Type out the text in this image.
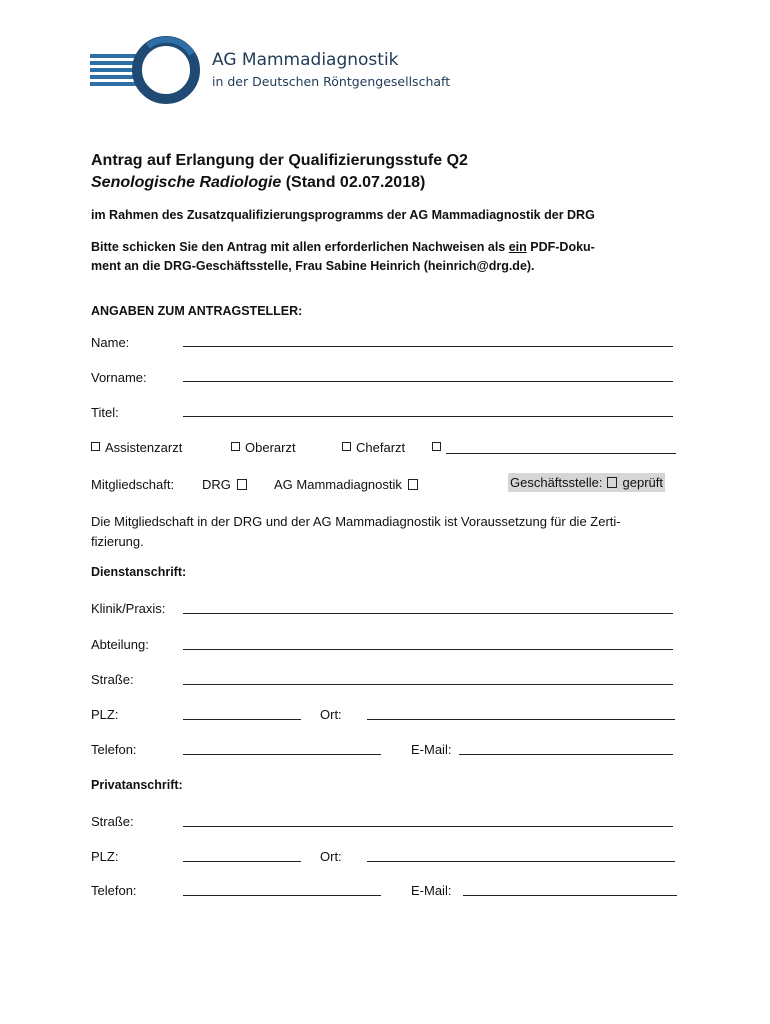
AG Mammadiagnostik
in der Deutschen Röntgengesellschaft
Antrag auf Erlangung der Qualifizierungsstufe Q2
Senologische Radiologie (Stand 02.07.2018)
im Rahmen des Zusatzqualifizierungsprogramms der AG Mammadiagnostik der DRG
Bitte schicken Sie den Antrag mit allen erforderlichen Nachweisen als ein PDF-Doku-
ment an die DRG-Geschäftsstelle, Frau Sabine Heinrich (heinrich@drg.de).
ANGABEN ZUM ANTRAGSTELLER:
Name:
Vorname:
Titel:
Assistenzarzt	Oberarzt	Chefarzt
Mitgliedschaft: DRG	AG Mammadiagnostik	Geschäftsstelle: geprüft
Die Mitgliedschaft in der DRG und der AG Mammadiagnostik ist Voraussetzung für die Zerti-
fizierung.
Dienstanschrift:
Klinik/Praxis:
Abteilung:
Straße:
PLZ:	Ort:
Telefon:	E-Mail:
Privatanschrift:
Straße:
PLZ:	Ort:
Telefon:	E-Mail:
